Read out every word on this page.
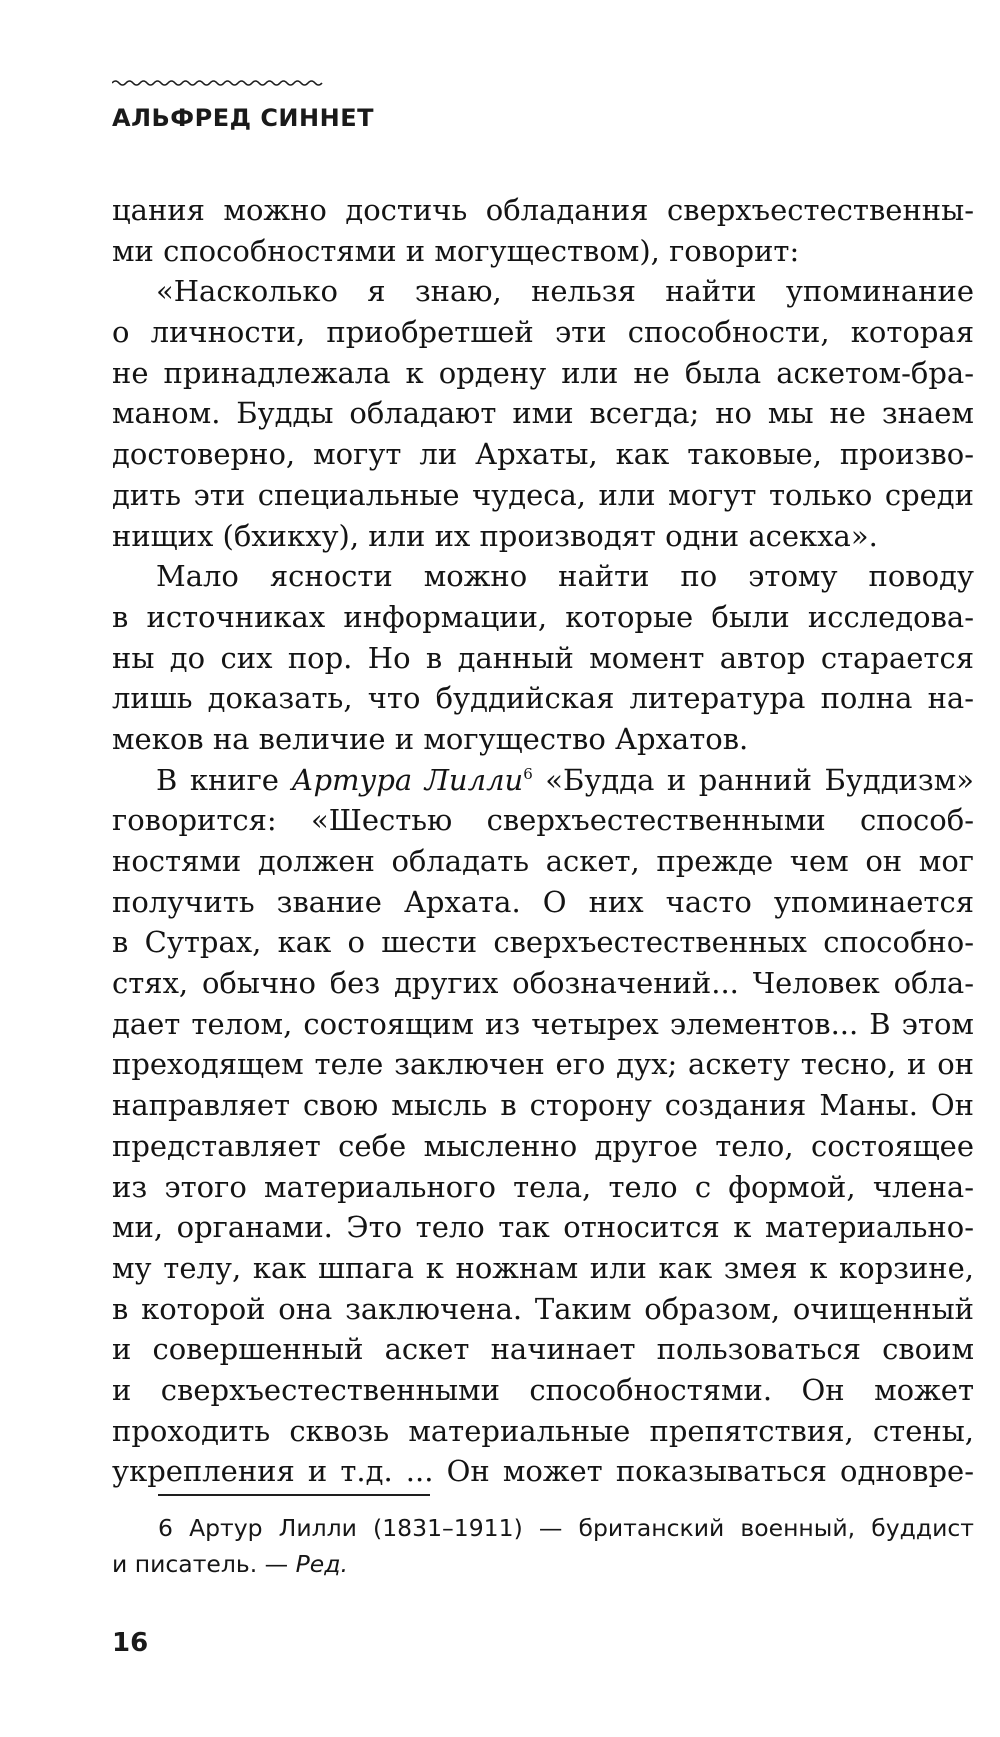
АЛЬФРЕД СИННЕТ
цания можно достичь обладания сверхъестественны-
ми способностями и могуществом), говорит:
«Насколько я знаю, нельзя найти упоминание
о личности, приобретшей эти способности, которая
не принадлежала к ордену или не была аскетом-бра-
маном. Будды обладают ими всегда; но мы не знаем
достоверно, могут ли Архаты, как таковые, произво-
дить эти специальные чудеса, или могут только среди
нищих (бхикху), или их производят одни асекха».
Мало ясности можно найти по этому поводу
в источниках информации, которые были исследова-
ны до сих пор. Но в данный момент автор старается
лишь доказать, что буддийская литература полна на-
меков на величие и могущество Архатов.
В книге Артура Лилли$^6$ «Будда и ранний Буддизм»
говорится: «Шестью сверхъестественными способ-
ностями должен обладать аскет, прежде чем он мог
получить звание Архата. О них часто упоминается
в Сутрах, как о шести сверхъестественных способно-
стях, обычно без других обозначений... Человек обла-
дает телом, состоящим из четырех элементов... В этом
преходящем теле заключен его дух; аскету тесно, и он
направляет свою мысль в сторону создания Маны. Он
представляет себе мысленно другое тело, состоящее
из этого материального тела, тело с формой, члена-
ми, органами. Это тело так относится к материально-
му телу, как шпага к ножнам или как змея к корзине,
в которой она заключена. Таким образом, очищенный
и совершенный аскет начинает пользоваться своим
и сверхъестественными способностями. Он может
проходить сквозь материальные препятствия, стены,
укрепления и т.д. ... Он может показываться одновре-
6 Артур Лилли (1831–1911) — британский военный, буддист
и писатель. — Ред.
16
